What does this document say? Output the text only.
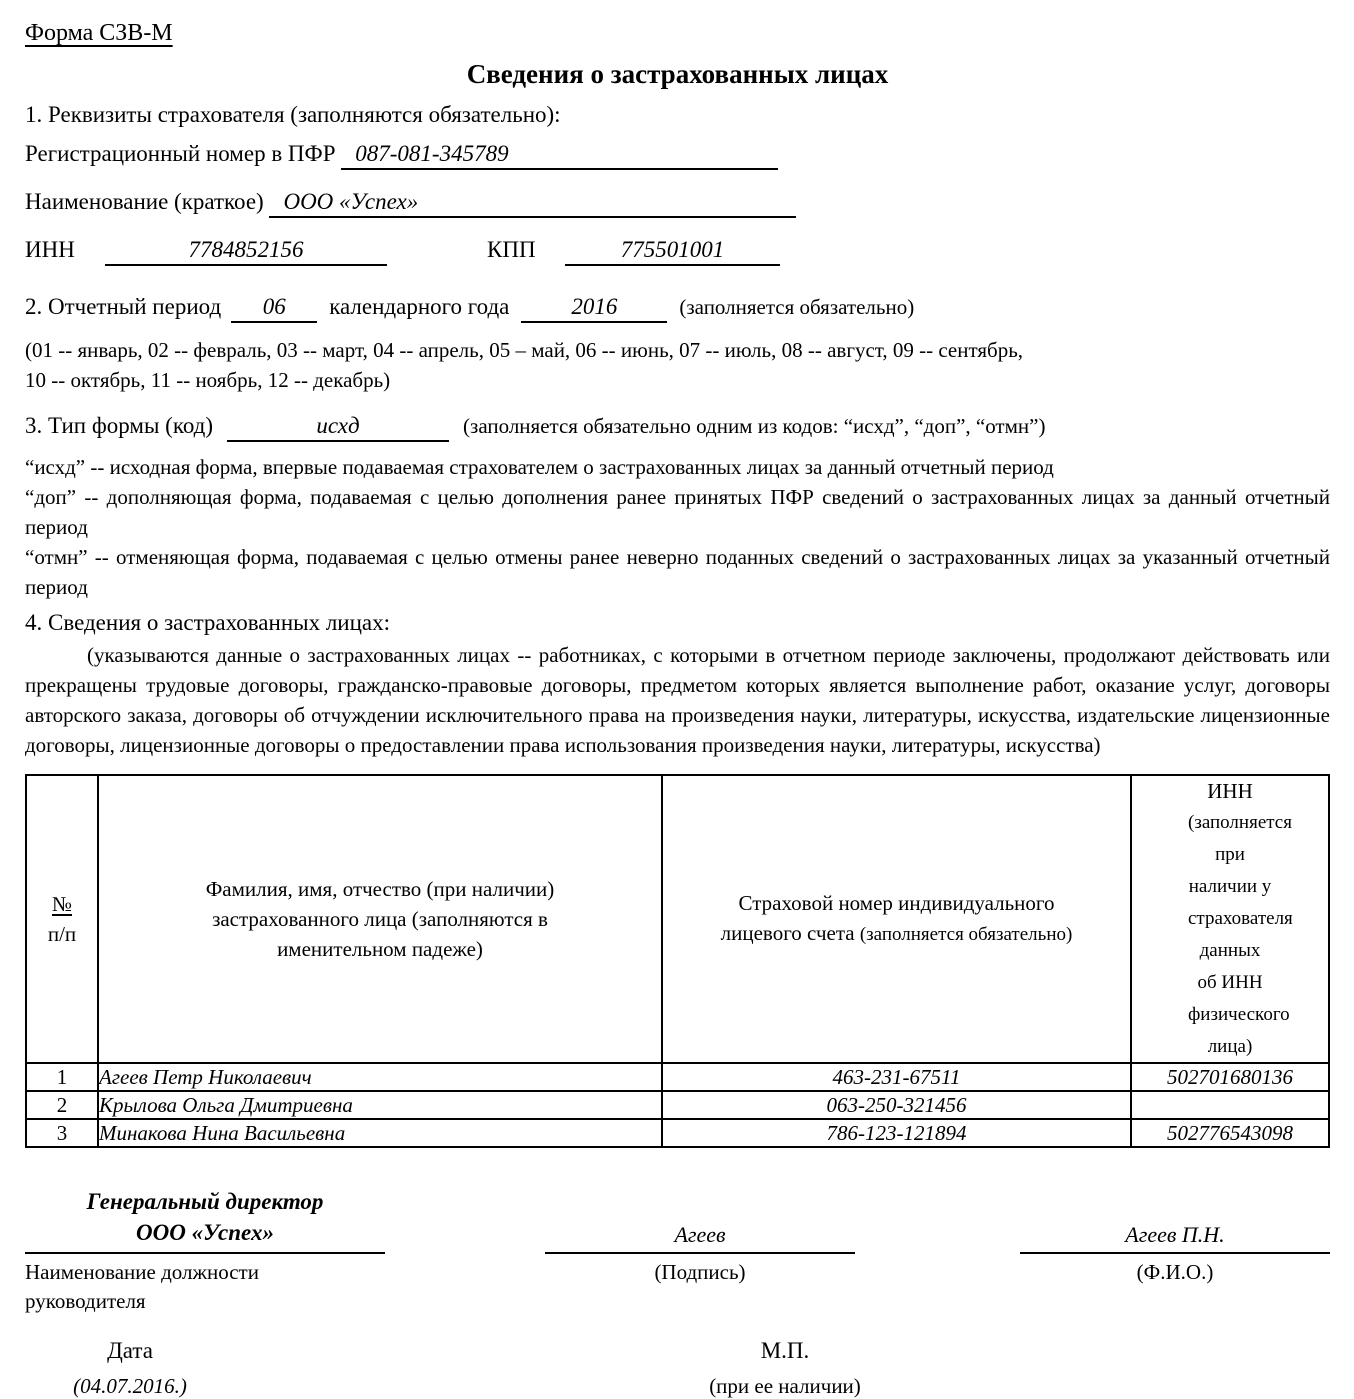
Форма СЗВ-М
Сведения о застрахованных лицах
1. Реквизиты страхователя (заполняются обязательно):
Регистрационный номер в ПФР
087-081-345789
Наименование (краткое)
ООО «Успех»
ИНН	7784852156	КПП	775501001
2. Отчетный период 06 календарного года	2016	(заполняется обязательно)
(01 -- январь, 02 -- февраль, 03 -- март, 04 -- апрель, 05 – май, 06 -- июнь, 07 -- июль, 08 -- август, 09 -- сентябрь,
10 -- октябрь, 11 -- ноябрь, 12 -- декабрь)
3. Тип формы (код)	исхд	(заполняется обязательно одним из кодов: “исхд”, “доп”, “отмн”)
“исхд” -- исходная форма, впервые подаваемая страхователем о застрахованных лицах за данный отчетный период
“доп” -- дополняющая форма, подаваемая с целью дополнения ранее принятых ПФР сведений о застрахованных лицах за данный отчетный период
“отмн” -- отменяющая форма, подаваемая с целью отмены ранее неверно поданных сведений о застрахованных лицах за указанный отчетный период
4. Сведения о застрахованных лицах:
(указываются данные о застрахованных лицах -- работниках, с которыми в отчетном периоде заключены, продолжают действовать или прекращены трудовые договоры, гражданско-правовые договоры, предметом которых является выполнение работ, оказание услуг, договоры авторского заказа, договоры об отчуждении исключительного права на произведения науки, литературы, искусства, издательские лицензионные договоры, лицензионные договоры о предоставлении права использования произведения науки, литературы, искусства)
№
п/п	Фамилия, имя, отчество (при наличии) застрахованного лица (заполняются в именительном падеже)	Страховой номер индивидуального лицевого счета (заполняется обязательно)	ИНН (заполняется при наличии у страхователя данных об ИНН физического лица)
1	Агеев Петр Николаевич	463-231-67511	502701680136
2	Крылова Ольга Дмитриевна	063-250-321456	
3	Минакова Нина Васильевна	786-123-121894	502776543098
Генеральный директор
ООО «Успех»
Наименование должности руководителя
Агеев
(Подпись)
Агеев П.Н.
(Ф.И.О.)
Дата
(04.07.2016.)
М.П.
(при ее наличии)
